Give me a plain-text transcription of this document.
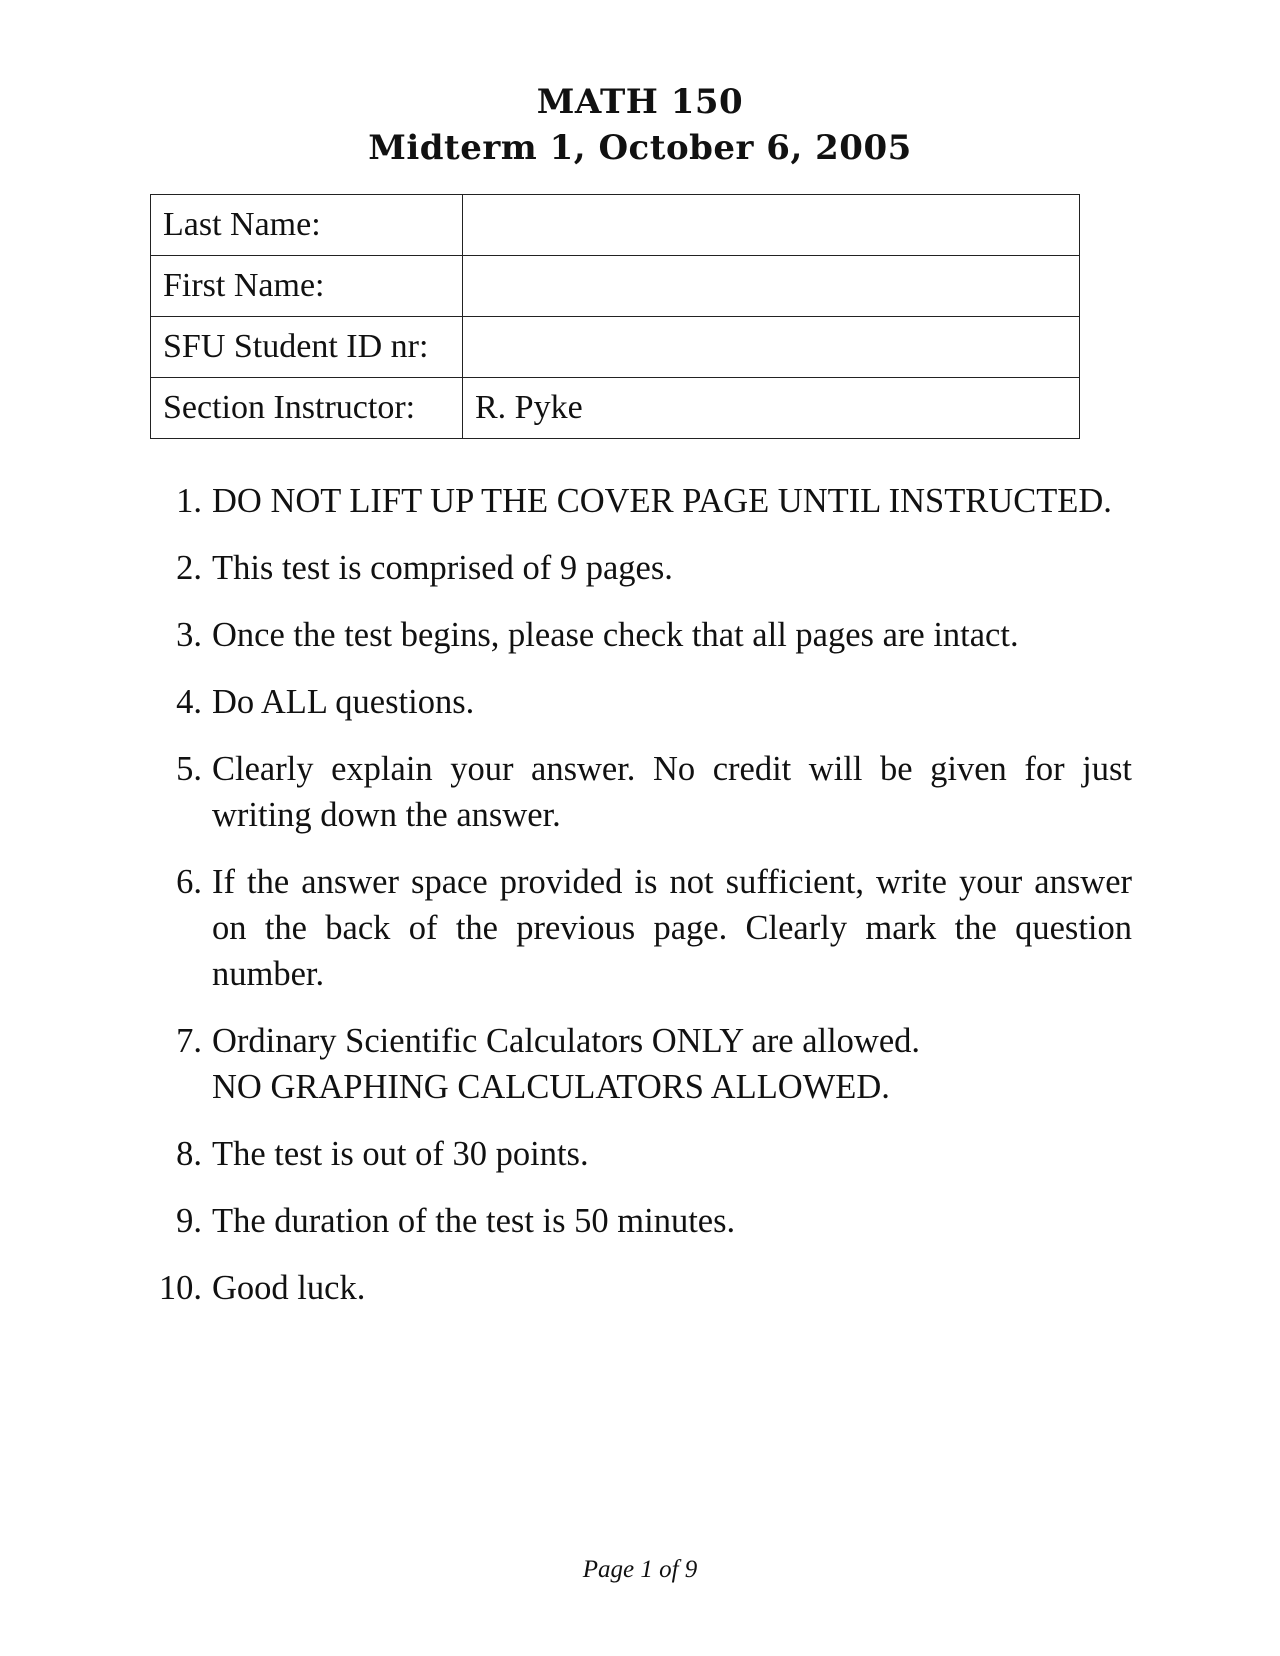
MATH 150
Midterm 1, October 6, 2005
Last Name:	
First Name:	
SFU Student ID nr:	
Section Instructor:	R. Pyke
1. DO NOT LIFT UP THE COVER PAGE UNTIL INSTRUCTED.
2. This test is comprised of 9 pages.
3. Once the test begins, please check that all pages are intact.
4. Do ALL questions.
5. Clearly explain your answer. No credit will be given for just writing down the answer.
6. If the answer space provided is not sufficient, write your answer on the back of the previous page. Clearly mark the question number.
7. Ordinary Scientific Calculators ONLY are allowed.
NO GRAPHING CALCULATORS ALLOWED.
8. The test is out of 30 points.
9. The duration of the test is 50 minutes.
10. Good luck.
Page 1 of 9
